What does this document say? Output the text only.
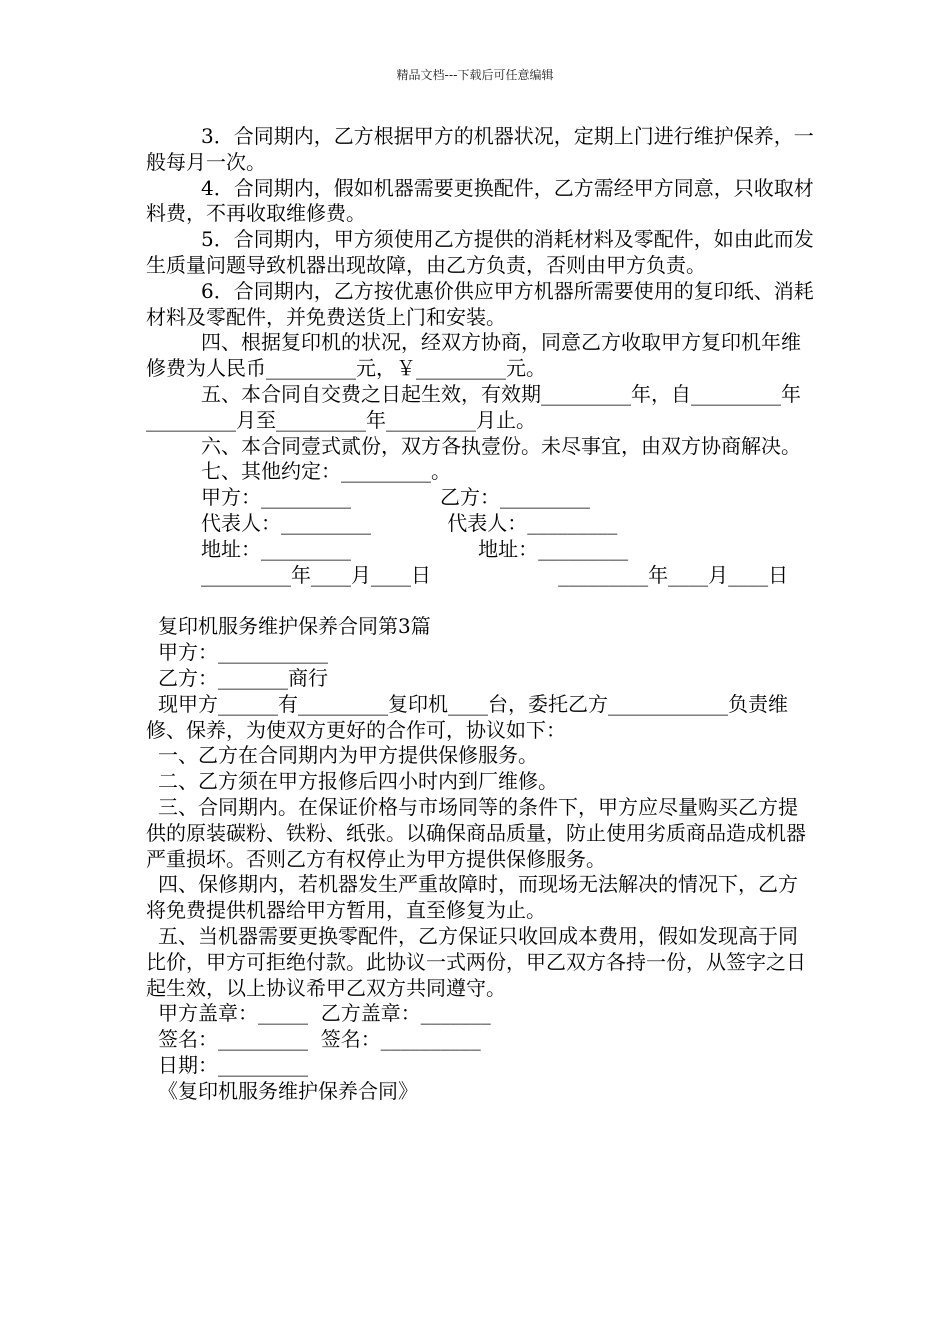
精品文档---下载后可任意编辑

3．合同期内，乙方根据甲方的机器状况，定期上门进行维护保养，一般每月一次。

4．合同期内，假如机器需要更换配件，乙方需经甲方同意，只收取材料费，不再收取维修费。

5．合同期内，甲方须使用乙方提供的消耗材料及零配件，如由此而发生质量问题导致机器出现故障，由乙方负责，否则由甲方负责。

6．合同期内，乙方按优惠价供应甲方机器所需要使用的复印纸、消耗材料及零配件，并免费送货上门和安装。

四、根据复印机的状况，经双方协商，同意乙方收取甲方复印机年维修费为人民币_________元，￥_________元。

五、本合同自交费之日起生效，有效期_________年，自_________年_________月至_________年_________月止。

六、本合同壹式贰份，双方各执壹份。未尽事宜，由双方协商解决。

七、其他约定：_________。

甲方：_________              乙方：_________

代表人：_________            代表人：_________

地址：_________                    地址：_________

_________年____月____日                    _________年____月____日

复印机服务维护保养合同第3篇

甲方：___________

乙方：_______商行

现甲方______有_________复印机____台，委托乙方____________负责维修、保养，为使双方更好的合作可，协议如下：

一、乙方在合同期内为甲方提供保修服务。

二、乙方须在甲方报修后四小时内到厂维修。

三、合同期内。在保证价格与市场同等的条件下，甲方应尽量购买乙方提供的原装碳粉、铁粉、纸张。以确保商品质量，防止使用劣质商品造成机器严重损坏。否则乙方有权停止为甲方提供保修服务。

四、保修期内，若机器发生严重故障时，而现场无法解决的情况下，乙方将免费提供机器给甲方暂用，直至修复为止。

五、当机器需要更换零配件，乙方保证只收回成本费用，假如发现高于同比价，甲方可拒绝付款。此协议一式两份，甲乙双方各持一份，从签字之日起生效，以上协议希甲乙双方共同遵守。

甲方盖章：_____  乙方盖章：_______

签名：_________  签名：__________

日期：_________

《复印机服务维护保养合同》
